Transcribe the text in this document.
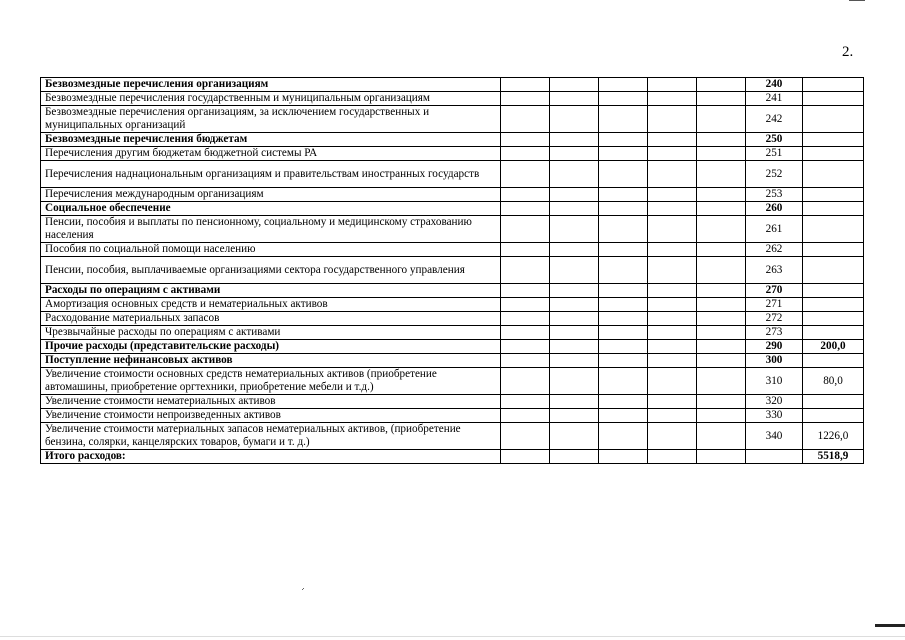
2.
Безвозмездные перечисления организациям						240	
Безвозмездные перечисления государственным и муниципальным организациям						241	
Безвозмездные перечисления организациям, за исключением государственных и муниципальных организаций						242	
Безвозмездные перечисления бюджетам						250	
Перечисления другим бюджетам бюджетной системы РА						251	
Перечисления наднациональным организациям и правительствам иностранных государств						252	
Перечисления международным организациям						253	
Социальное обеспечение						260	
Пенсии, пособия и выплаты по пенсионному, социальному и медицинскому страхованию населения						261	
Пособия по социальной помощи населению						262	
Пенсии, пособия, выплачиваемые организациями сектора государственного управления						263	
Расходы по операциям с активами						270	
Амортизация основных средств и нематериальных активов						271	
Расходование материальных запасов						272	
Чрезвычайные расходы по операциям с активами						273	
Прочие расходы (представительские расходы)						290	200,0
Поступление нефинансовых активов						300	
Увеличение стоимости основных средств нематериальных активов (приобретение автомашины, приобретение оргтехники, приобретение мебели и т.д.)						310	80,0
Увеличение стоимости нематериальных активов						320	
Увеличение стоимости непроизведенных активов						330	
Увеличение стоимости материальных запасов нематериальных активов, (приобретение бензина, солярки, канцелярских товаров, бумаги и т. д.)						340	1226,0
Итого расходов:							5518,9
